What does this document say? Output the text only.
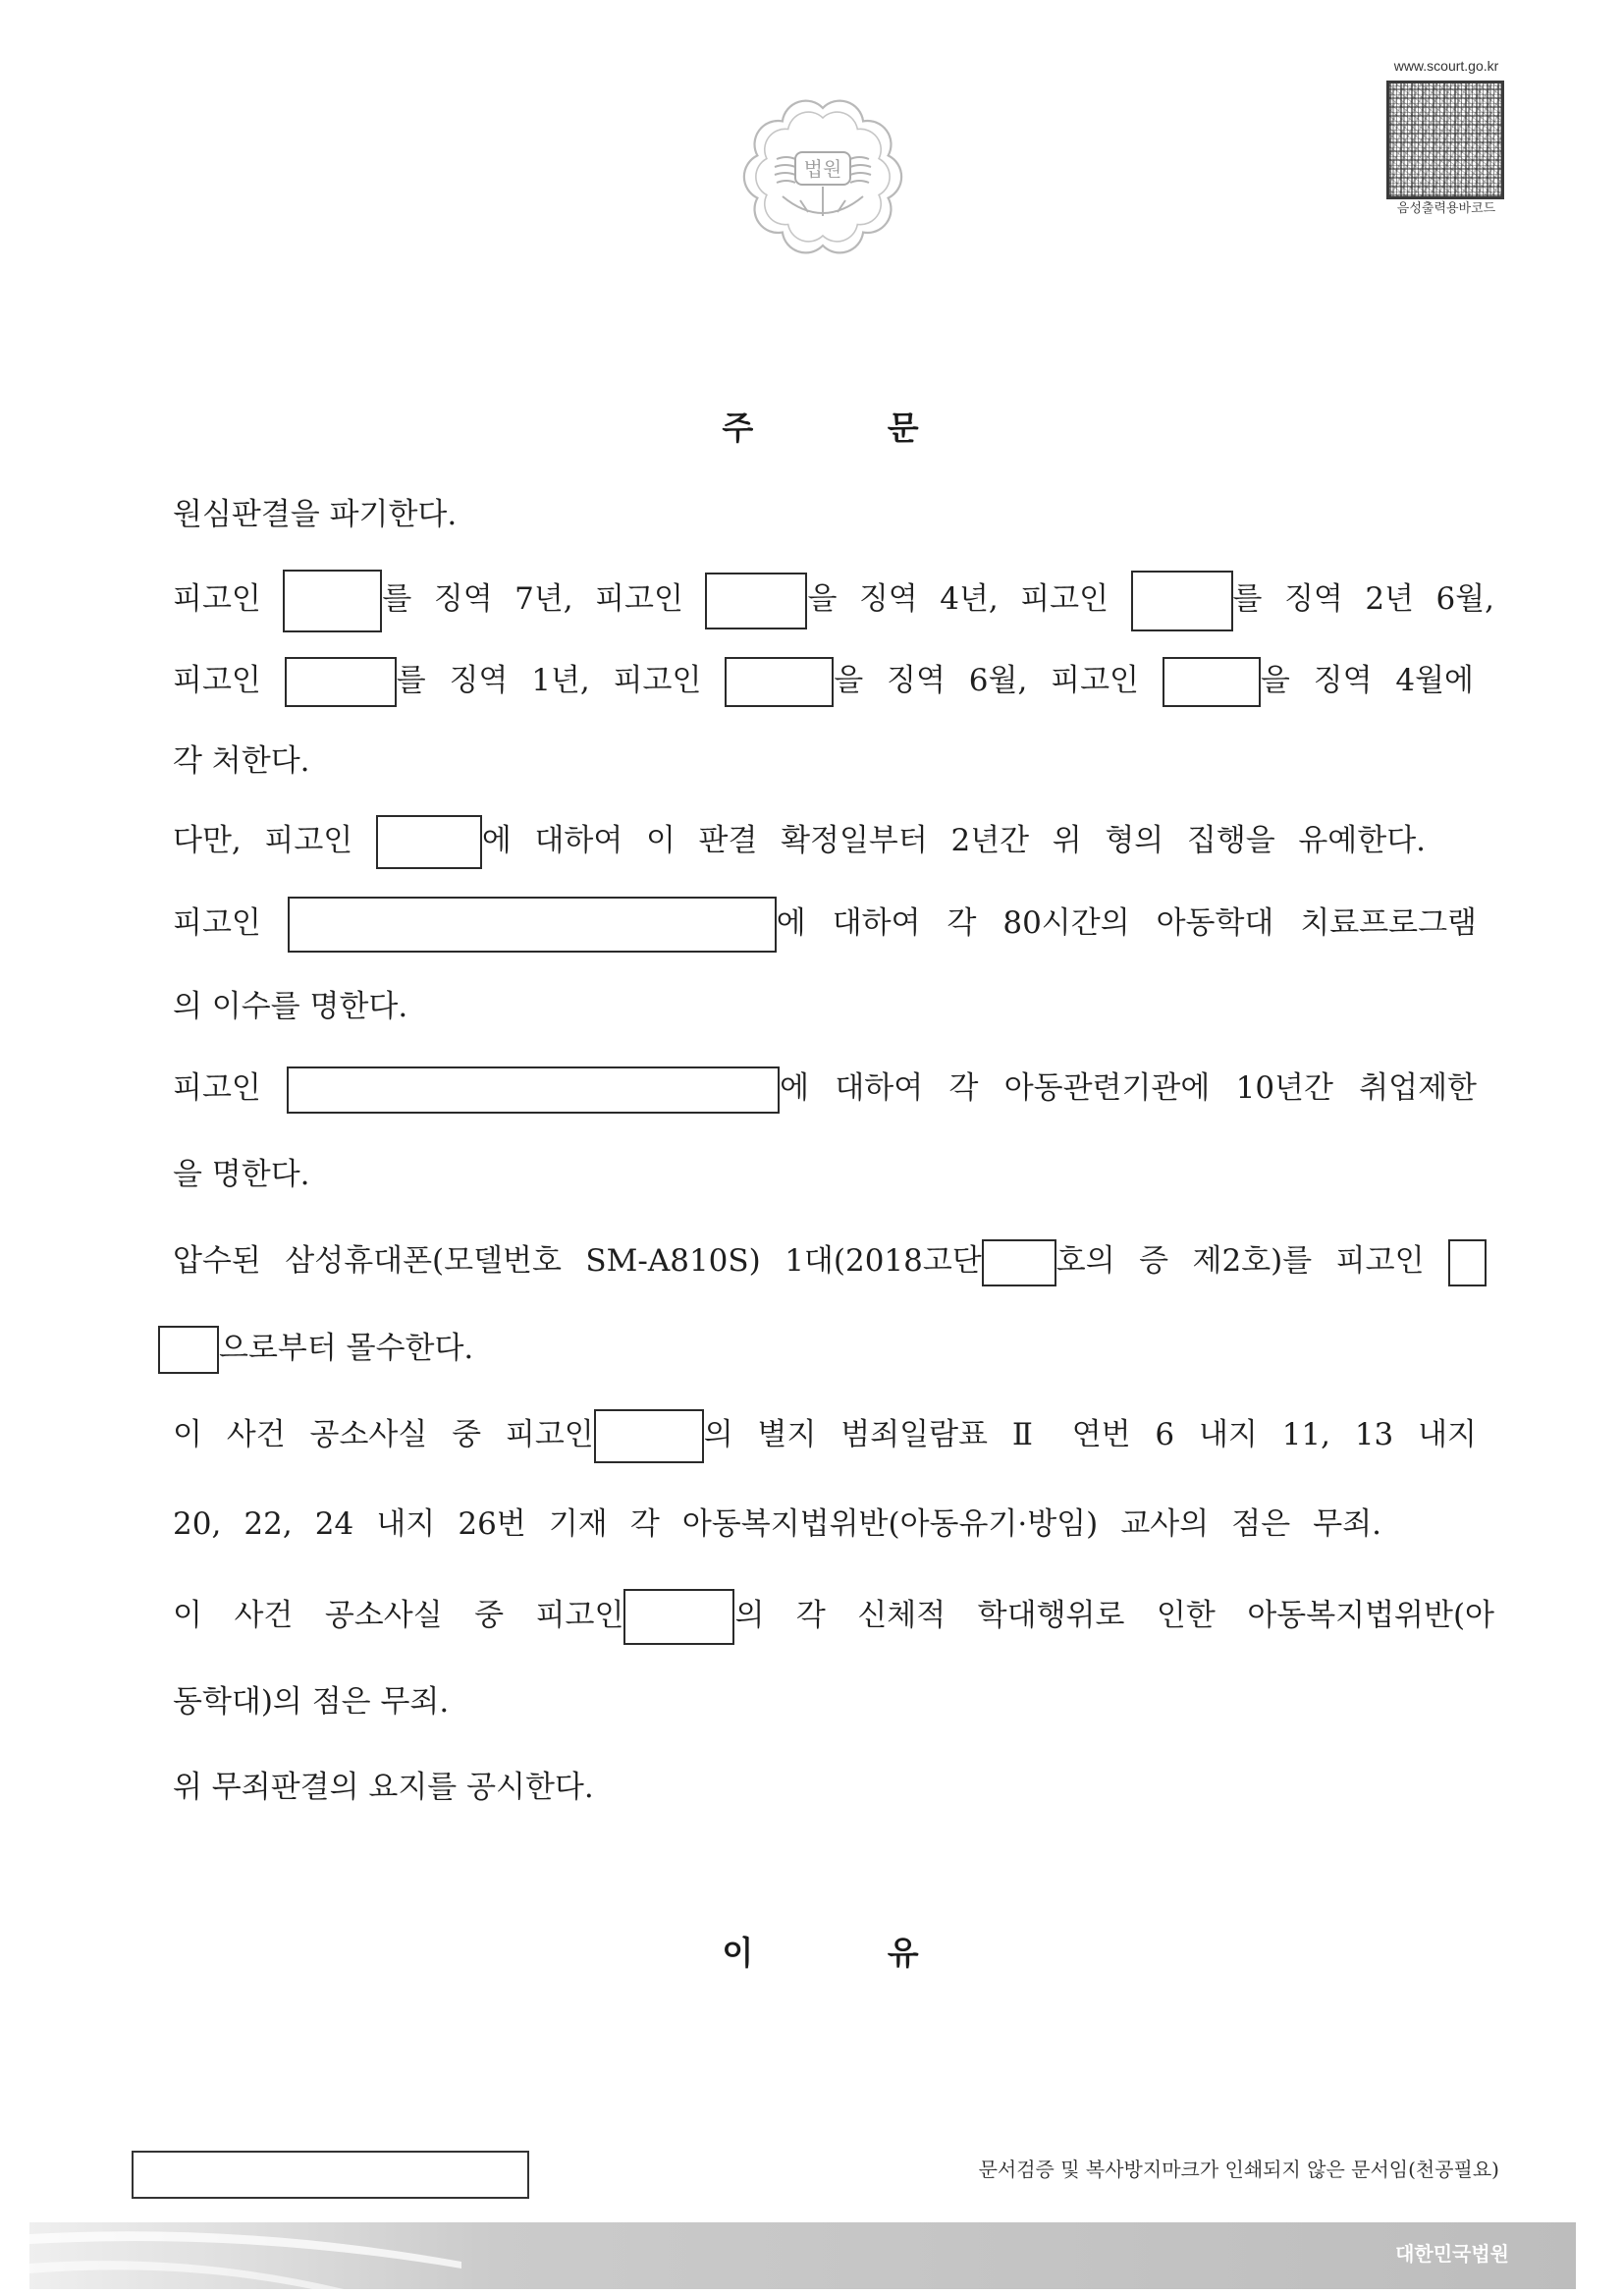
법원
www.scourt.go.kr
음성출력용바코드
주 문
원심판결을 파기한다.
피고인	를 징역 7년, 피고인	을 징역 4년, 피고인	를 징역 2년 6월,
피고인	를 징역 1년, 피고인	을 징역 6월, 피고인	을 징역 4월에
각 처한다.
다만, 피고인	에 대하여 이 판결 확정일부터 2년간 위 형의 집행을 유예한다.
피고인	에 대하여 각 80시간의 아동학대 치료프로그램
의 이수를 명한다.
피고인	에 대하여 각 아동관련기관에 10년간 취업제한
을 명한다.
압수된 삼성휴대폰(모델번호 SM-A810S) 1대(2018고단 호의 증 제2호)를 피고인
으로부터 몰수한다.
이 사건 공소사실 중 피고인	의 별지 범죄일람표 Ⅱ 연번 6 내지 11, 13 내지
20, 22, 24 내지 26번 기재 각 아동복지법위반(아동유기·방임) 교사의 점은 무죄.
이 사건 공소사실 중 피고인	의 각 신체적 학대행위로 인한 아동복지법위반(아
동학대)의 점은 무죄.
위 무죄판결의 요지를 공시한다.
이 유
문서검증 및 복사방지마크가 인쇄되지 않은 문서임(천공필요)
대한민국법원
